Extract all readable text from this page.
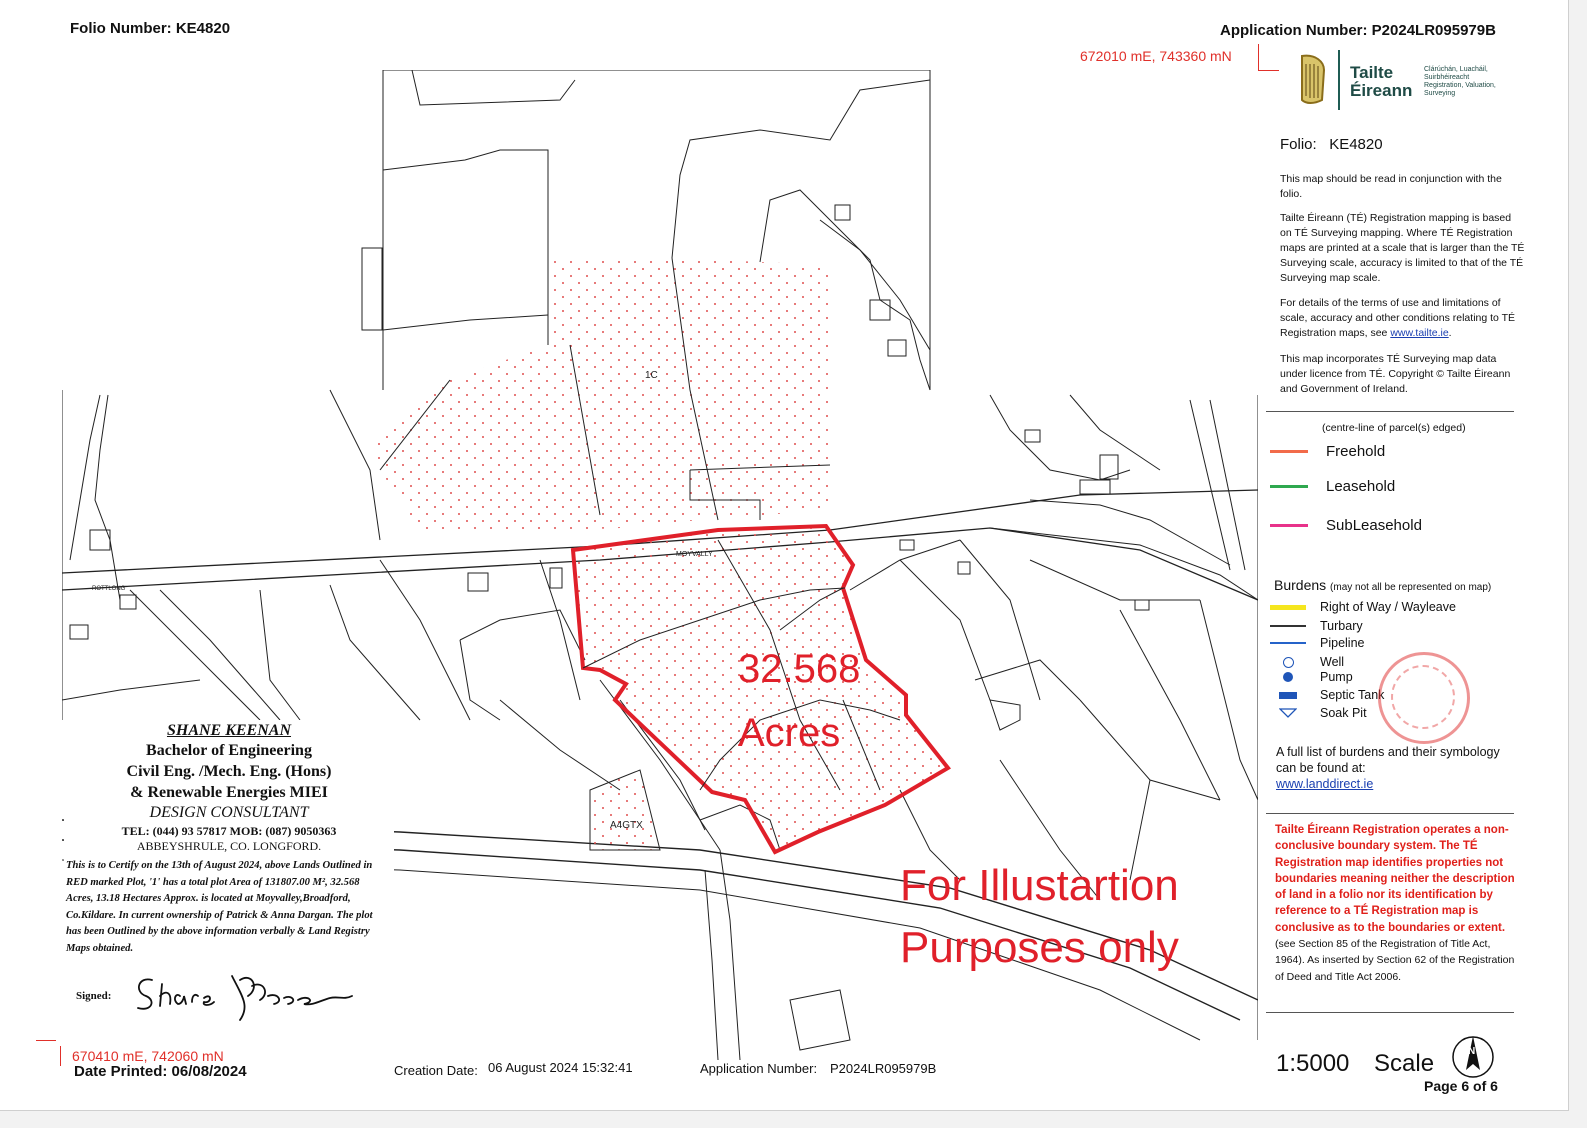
Folio Number: KE4820	Application Number: P2024LR095979B
672010 mE, 743360 mN
Tailte
Éireann
Clárúchán, Luacháil,
Suirbhéireacht
Registration, Valuation,
Surveying
Folio: KE4820
This map should be read in conjunction with the folio.
Tailte Éireann (TÉ) Registration mapping is based on TÉ Surveying mapping. Where TÉ Registration maps are printed at a scale that is larger than the TÉ Surveying scale, accuracy is limited to that of the TÉ Surveying map scale.
For details of the terms of use and limitations of scale, accuracy and other conditions relating to TÉ Registration maps, see www.tailte.ie.
This map incorporates TÉ Surveying map data under licence from TÉ. Copyright © Tailte Éireann and Government of Ireland.
(centre-line of parcel(s) edged)
Freehold
Leasehold
SubLeasehold
Burdens (may not all be represented on map)
Right of Way / Wayleave
Turbary
Pipeline
Well
Pump
Septic Tank
Soak Pit
A full list of burdens and their symbology can be found at:
www.landdirect.ie
Tailte Éireann Registration operates a non-conclusive boundary system. The TÉ Registration map identifies properties not boundaries meaning neither the description of land in a folio nor its identification by reference to a TÉ Registration map is conclusive as to the boundaries or extent. (see Section 85 of the Registration of Title Act, 1964). As inserted by Section 62 of the Registration of Deed and Title Act 2006.
MOYVALLY
1C
A4GTX
ROTTLONG
32.568
Acres
For Illustartion
Purposes only
SHANE KEENAN
Bachelor of Engineering
Civil Eng. /Mech. Eng. (Hons)
& Renewable Energies MIEI
DESIGN CONSULTANT
TEL: (044) 93 57817 MOB: (087) 9050363
ABBEYSHRULE, CO. LONGFORD.
This is to Certify on the 13th of August 2024, above Lands Outlined in RED marked Plot, '1' has a total plot Area of 131807.00 M², 32.568 Acres, 13.18 Hectares Approx. is located at Moyvalley,Broadford, Co.Kildare. In current ownership of Patrick & Anna Dargan. The plot has been Outlined by the above information verbally & Land Registry Maps obtained.
Signed:
670410 mE, 742060 mN
Date Printed: 06/08/2024	Creation Date: 06 August 2024 15:32:41	Application Number: P2024LR095979B	1:5000 Scale	N
Page 6 of 6
